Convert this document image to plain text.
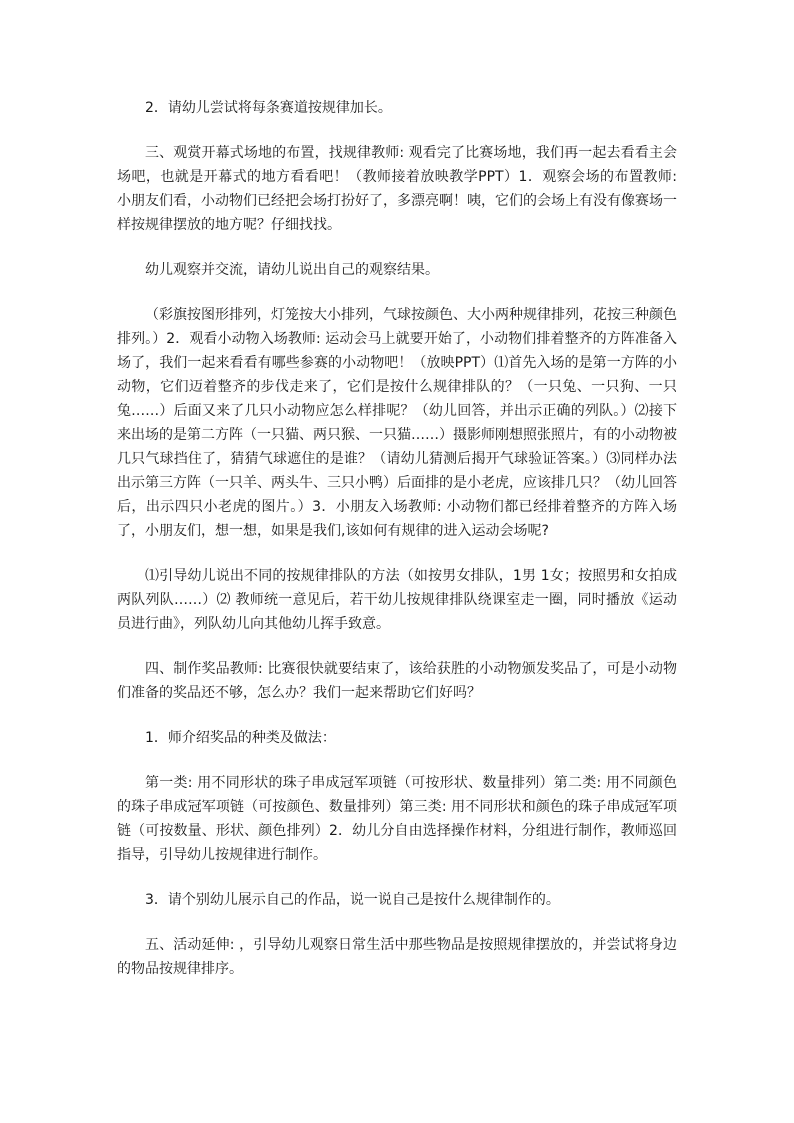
2．请幼儿尝试将每条赛道按规律加长。

三、观赏开幕式场地的布置，找规律教师: 观看完了比赛场地，我们再一起去看看主会场吧，也就是开幕式的地方看看吧！（教师接着放映教学PPT）1．观察会场的布置教师: 小朋友们看，小动物们已经把会场打扮好了，多漂亮啊！咦，它们的会场上有没有像赛场一样按规律摆放的地方呢？仔细找找。

幼儿观察并交流，请幼儿说出自己的观察结果。

（彩旗按图形排列，灯笼按大小排列，气球按颜色、大小两种规律排列，花按三种颜色排列。）2．观看小动物入场教师: 运动会马上就要开始了，小动物们排着整齐的方阵准备入场了，我们一起来看看有哪些参赛的小动物吧！（放映PPT）⑴首先入场的是第一方阵的小动物，它们迈着整齐的步伐走来了，它们是按什么规律排队的？（一只兔、一只狗、一只兔……）后面又来了几只小动物应怎么样排呢？（幼儿回答，并出示正确的列队。）⑵接下来出场的是第二方阵（一只猫、两只猴、一只猫……）摄影师刚想照张照片，有的小动物被几只气球挡住了，猜猜气球遮住的是谁？（请幼儿猜测后揭开气球验证答案。）⑶同样办法出示第三方阵（一只羊、两头牛、三只小鸭）后面排的是小老虎，应该排几只？（幼儿回答后，出示四只小老虎的图片。）3．小朋友入场教师: 小动物们都已经排着整齐的方阵入场了，小朋友们，想一想，如果是我们,该如何有规律的进入运动会场呢?

⑴引导幼儿说出不同的按规律排队的方法（如按男女排队，1男 1女；按照男和女拍成两队列队……）⑵ 教师统一意见后，若干幼儿按规律排队绕课室走一圈，同时播放《运动员进行曲》，列队幼儿向其他幼儿挥手致意。

四、制作奖品教师: 比赛很快就要结束了，该给获胜的小动物颁发奖品了，可是小动物们准备的奖品还不够，怎么办？我们一起来帮助它们好吗？

1．师介绍奖品的种类及做法：

第一类: 用不同形状的珠子串成冠军项链（可按形状、数量排列）第二类: 用不同颜色的珠子串成冠军项链（可按颜色、数量排列）第三类: 用不同形状和颜色的珠子串成冠军项链（可按数量、形状、颜色排列）2．幼儿分自由选择操作材料，分组进行制作，教师巡回指导，引导幼儿按规律进行制作。

3．请个别幼儿展示自己的作品，说一说自己是按什么规律制作的。

五、活动延伸: ，引导幼儿观察日常生活中那些物品是按照规律摆放的，并尝试将身边的物品按规律排序。
